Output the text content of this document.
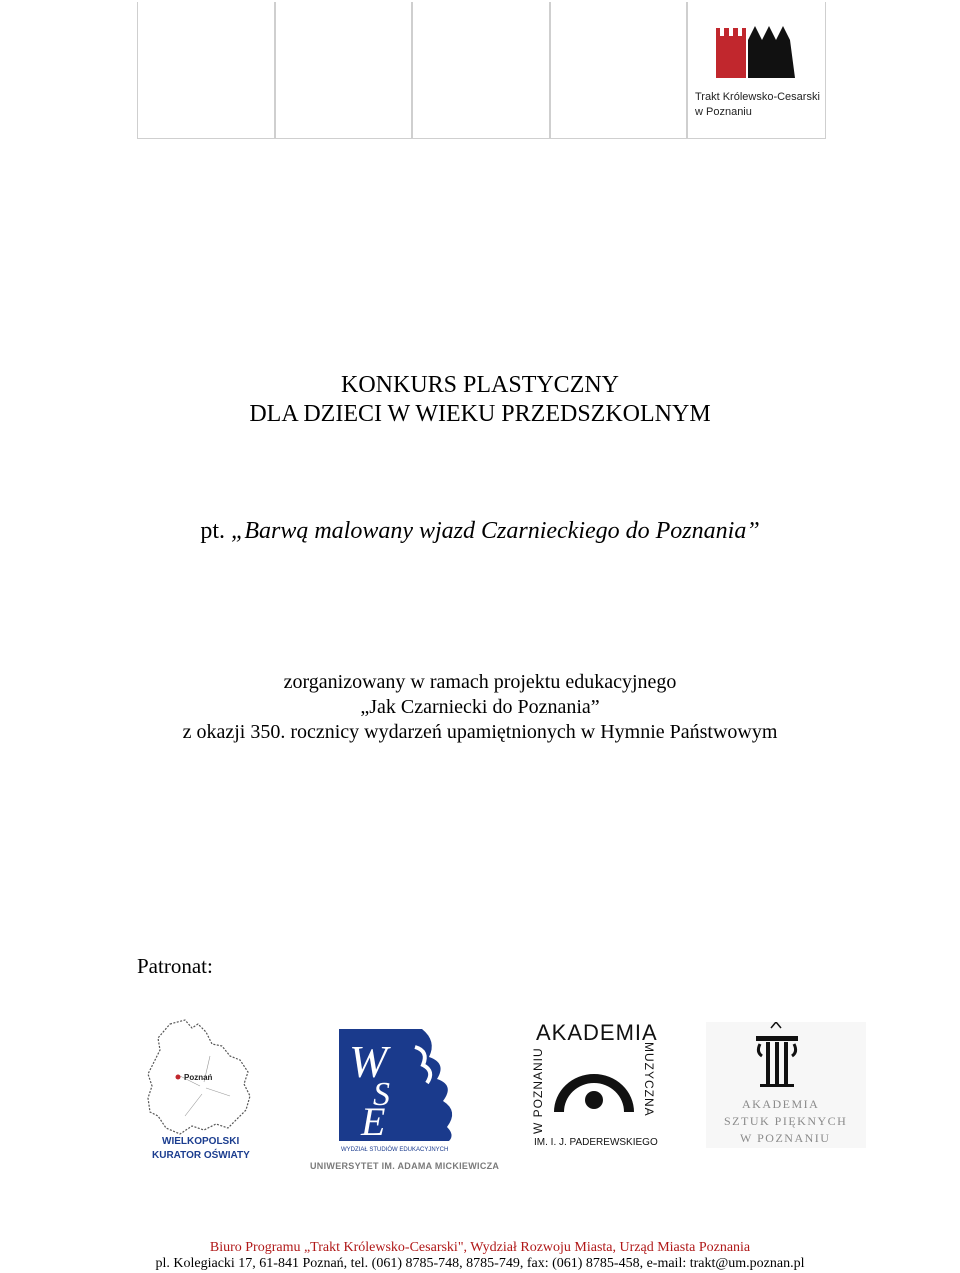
Trakt Królewsko-Cesarski
w Poznaniu
KONKURS PLASTYCZNY
DLA DZIECI W WIEKU PRZEDSZKOLNYM
pt. „Barwą malowany wjazd Czarnieckiego do Poznania”
zorganizowany w ramach projektu edukacyjnego
„Jak Czarniecki do Poznania”
z okazji 350. rocznicy wydarzeń upamiętnionych w Hymnie Państwowym
Patronat:
Poznań
WIELKOPOLSKI
KURATOR OŚWIATY
W
S
E
WYDZIAŁ STUDIÓW EDUKACYJNYCH
UNIWERSYTET IM. ADAMA MICKIEWICZA
AKADEMIA
W POZNANIU	MUZYCZNA
IM. I. J. PADEREWSKIEGO
AKADEMIA
SZTUK PIĘKNYCH
W POZNANIU
Biuro Programu „Trakt Królewsko-Cesarski", Wydział Rozwoju Miasta, Urząd Miasta Poznania
pl. Kolegiacki 17, 61-841 Poznań, tel. (061) 8785-748, 8785-749, fax: (061) 8785-458, e-mail: trakt@um.poznan.pl
